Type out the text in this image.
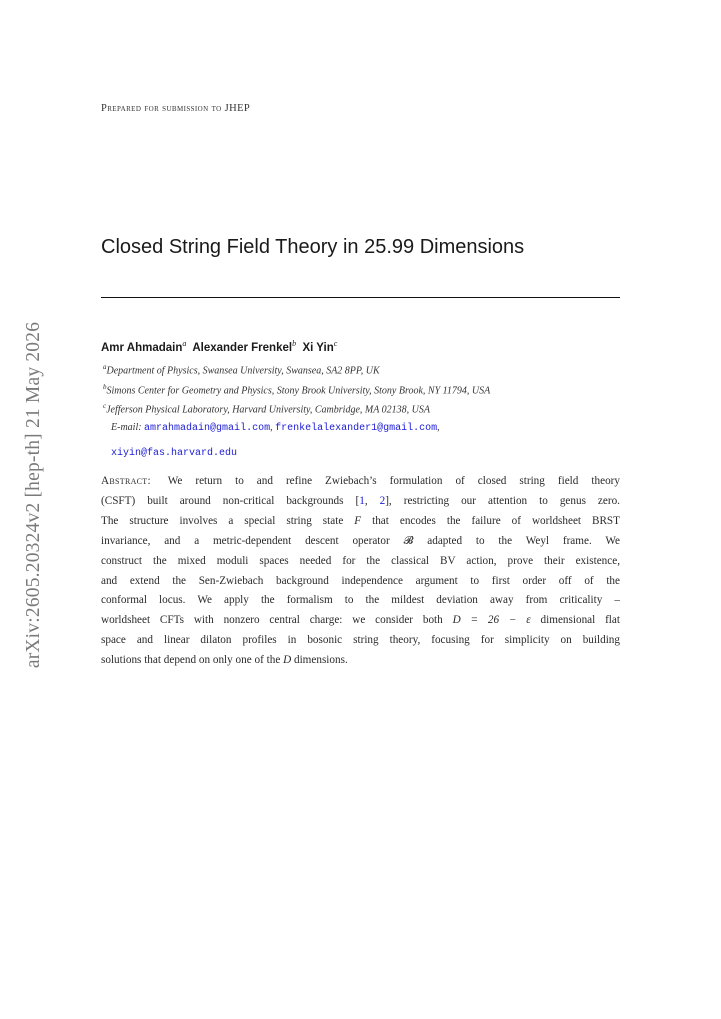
arXiv:2605.20324v2 [hep-th] 21 May 2026
Prepared for submission to JHEP
Closed String Field Theory in 25.99 Dimensions
Amr Ahmadain$^a$ Alexander Frenkel$^b$ Xi Yin$^c$
$^a$Department of Physics, Swansea University, Swansea, SA2 8PP, UK
$^b$Simons Center for Geometry and Physics, Stony Brook University, Stony Brook, NY 11794, USA
$^c$Jefferson Physical Laboratory, Harvard University, Cambridge, MA 02138, USA
E-mail: amrahmadain@gmail.com, frenkelalexander1@gmail.com,
xiyin@fas.harvard.edu
Abstract: We return to and refine Zwiebach’s formulation of closed string field theory
(CSFT) built around non-critical backgrounds [1, 2], restricting our attention to genus zero.
The structure involves a special string state F that encodes the failure of worldsheet BRST
invariance, and a metric-dependent descent operator 𝓑 adapted to the Weyl frame. We
construct the mixed moduli spaces needed for the classical BV action, prove their existence,
and extend the Sen-Zwiebach background independence argument to first order off of the
conformal locus. We apply the formalism to the mildest deviation away from criticality –
worldsheet CFTs with nonzero central charge: we consider both D = 26 − ε dimensional flat
space and linear dilaton profiles in bosonic string theory, focusing for simplicity on building
solutions that depend on only one of the D dimensions.
